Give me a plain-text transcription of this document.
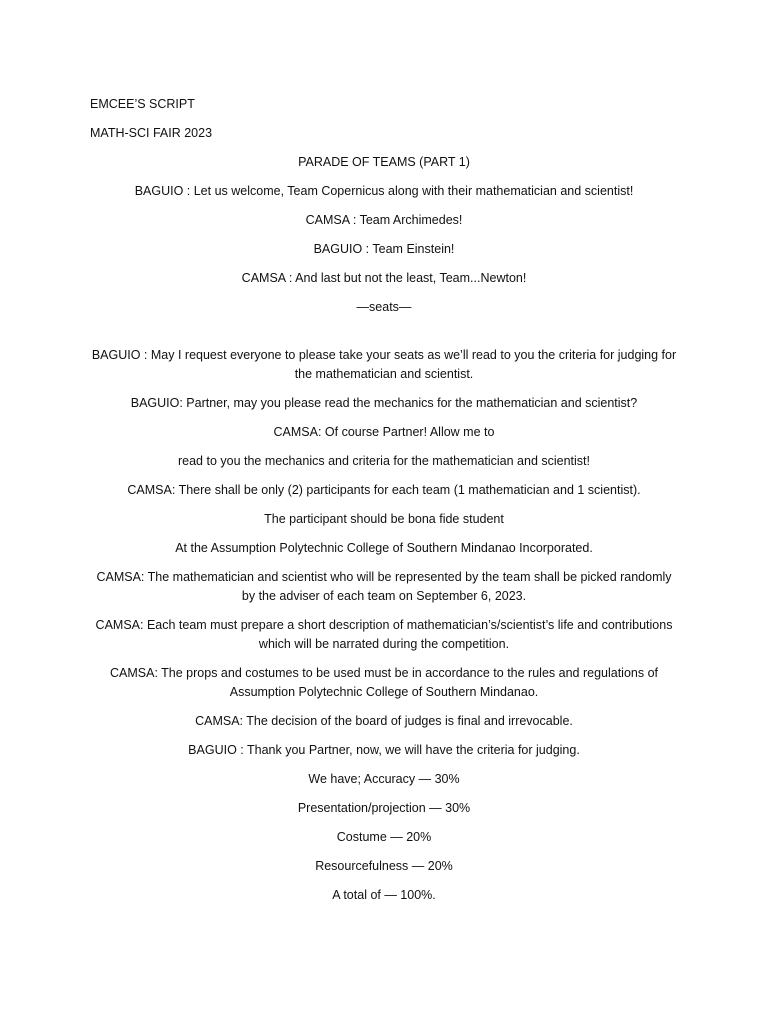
EMCEE’S SCRIPT

MATH-SCI FAIR 2023

PARADE OF TEAMS (PART 1)

BAGUIO : Let us welcome, Team Copernicus along with their mathematician and scientist!

CAMSA : Team Archimedes!

BAGUIO : Team Einstein!

CAMSA : And last but not the least, Team...Newton!

—seats—

BAGUIO : May I request everyone to please take your seats as we’ll read to you the criteria for judging for the mathematician and scientist.

BAGUIO: Partner, may you please read the mechanics for the mathematician and scientist?

CAMSA: Of course Partner! Allow me to

read to you the mechanics and criteria for the mathematician and scientist!

CAMSA: There shall be only (2) participants for each team (1 mathematician and 1 scientist).

The participant should be bona fide student

At the Assumption Polytechnic College of Southern Mindanao Incorporated.

CAMSA: The mathematician and scientist who will be represented by the team shall be picked randomly by the adviser of each team on September 6, 2023.

CAMSA: Each team must prepare a short description of mathematician’s/scientist’s life and contributions which will be narrated during the competition.

CAMSA: The props and costumes to be used must be in accordance to the rules and regulations of Assumption Polytechnic College of Southern Mindanao.

CAMSA: The decision of the board of judges is final and irrevocable.

BAGUIO : Thank you Partner, now, we will have the criteria for judging.

We have; Accuracy — 30%

Presentation/projection — 30%

Costume — 20%

Resourcefulness — 20%

A total of — 100%.
